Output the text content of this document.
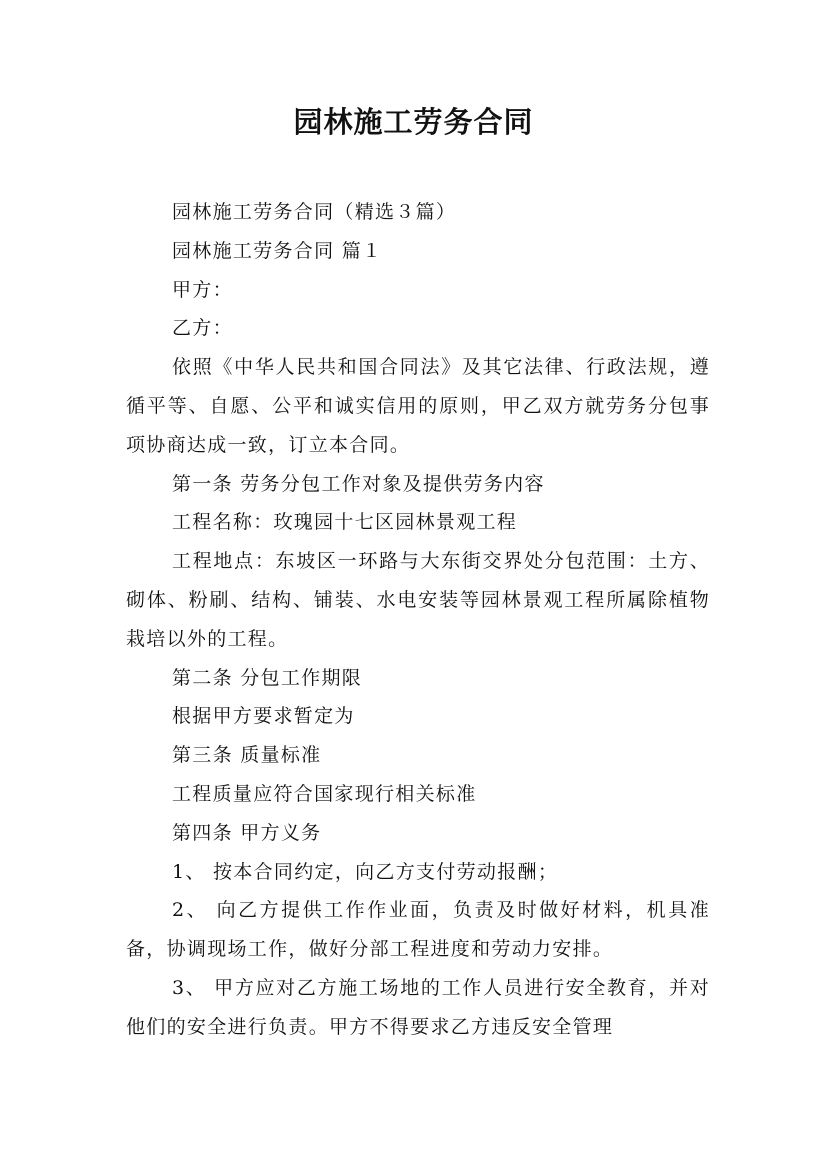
园林施工劳务合同

园林施工劳务合同（精选３篇）

园林施工劳务合同 篇１

甲方：

乙方：

依照《中华人民共和国合同法》及其它法律、行政法规，遵循平等、自愿、公平和诚实信用的原则，甲乙双方就劳务分包事项协商达成一致，订立本合同。

第一条 劳务分包工作对象及提供劳务内容

工程名称：玫瑰园十七区园林景观工程

工程地点：东坡区一环路与大东街交界处分包范围：土方、砌体、粉刷、结构、铺装、水电安装等园林景观工程所属除植物栽培以外的工程。

第二条 分包工作期限

根据甲方要求暂定为

第三条 质量标准

工程质量应符合国家现行相关标准

第四条 甲方义务

1、 按本合同约定，向乙方支付劳动报酬；

2、 向乙方提供工作作业面，负责及时做好材料，机具准备，协调现场工作，做好分部工程进度和劳动力安排。

3、 甲方应对乙方施工场地的工作人员进行安全教育，并对他们的安全进行负责。甲方不得要求乙方违反安全管理
